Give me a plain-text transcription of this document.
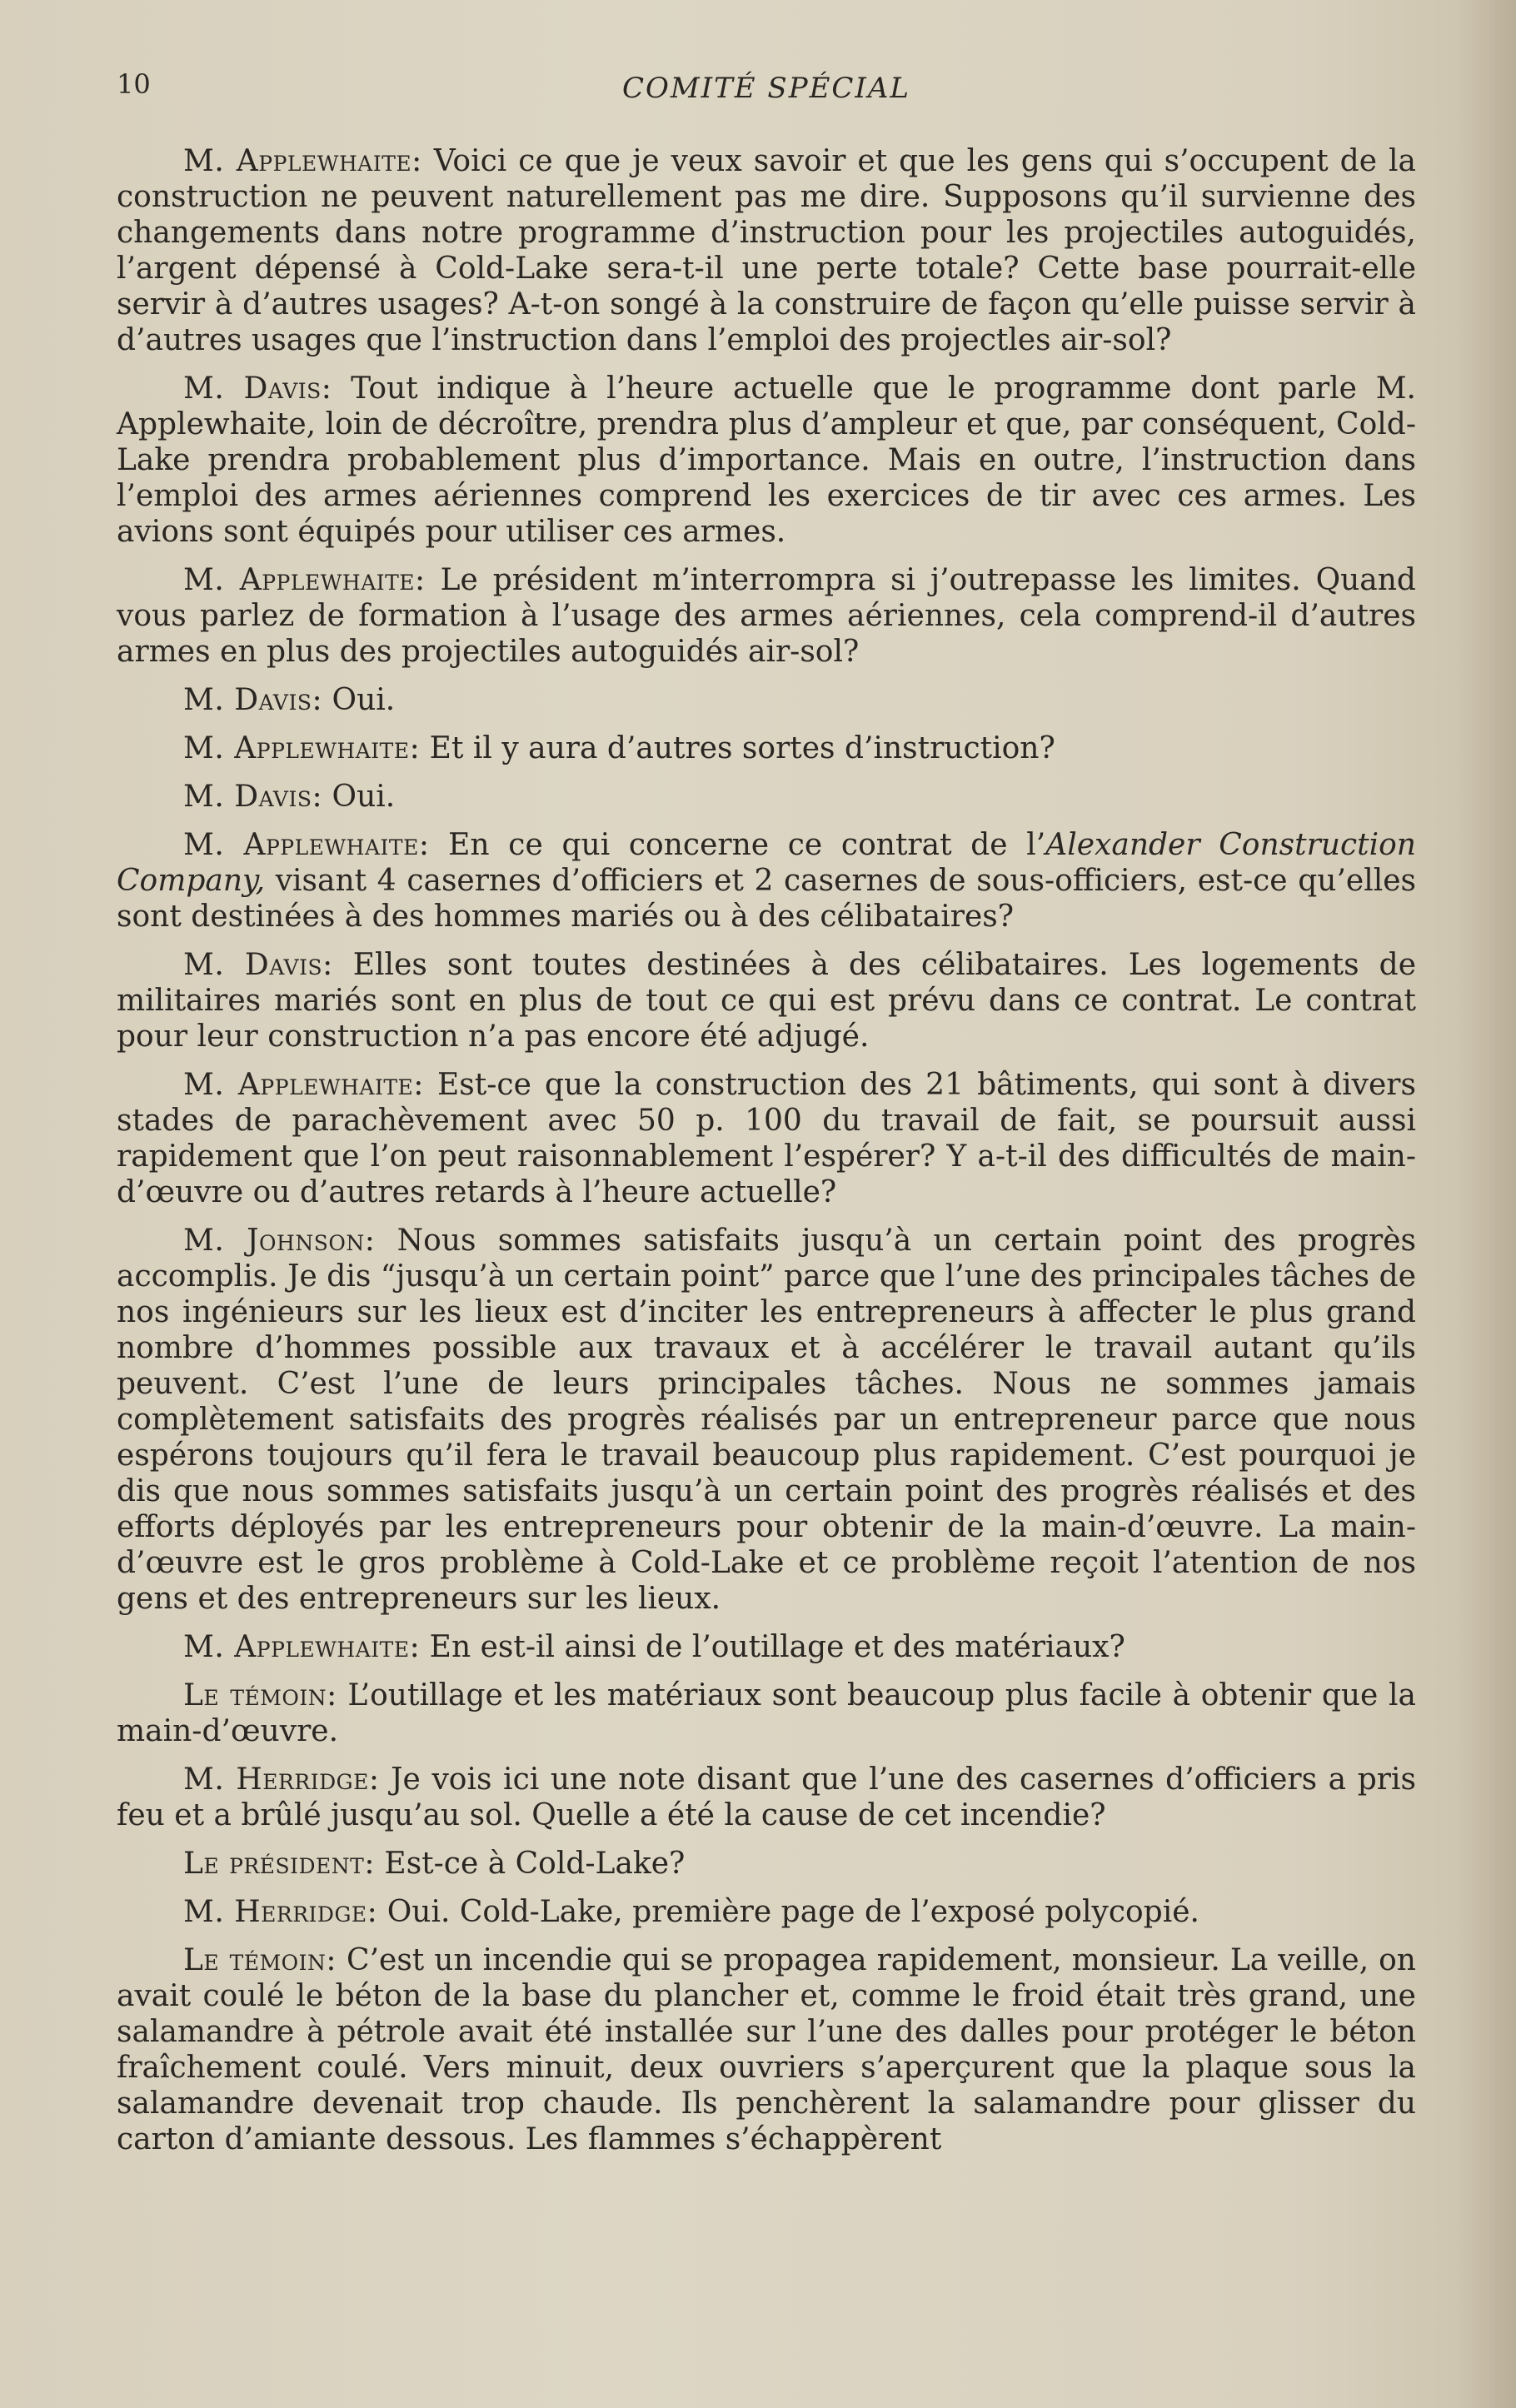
10	COMITÉ SPÉCIAL

M. Applewhaite: Voici ce que je veux savoir et que les gens qui s’occupent de la construction ne peuvent naturellement pas me dire. Supposons qu’il survienne des changements dans notre programme d’instruction pour les projectiles autoguidés, l’argent dépensé à Cold-Lake sera-t-il une perte totale? Cette base pourrait-elle servir à d’autres usages? A-t-on songé à la construire de façon qu’elle puisse servir à d’autres usages que l’instruction dans l’emploi des projectles air-sol?

M. Davis: Tout indique à l’heure actuelle que le programme dont parle M. Applewhaite, loin de décroître, prendra plus d’ampleur et que, par conséquent, Cold-Lake prendra probablement plus d’importance. Mais en outre, l’instruction dans l’emploi des armes aériennes comprend les exercices de tir avec ces armes. Les avions sont équipés pour utiliser ces armes.

M. Applewhaite: Le président m’interrompra si j’outrepasse les limites. Quand vous parlez de formation à l’usage des armes aériennes, cela comprend-il d’autres armes en plus des projectiles autoguidés air-sol?

M. Davis: Oui.

M. Applewhaite: Et il y aura d’autres sortes d’instruction?

M. Davis: Oui.

M. Applewhaite: En ce qui concerne ce contrat de l’Alexander Construction Company, visant 4 casernes d’officiers et 2 casernes de sous-officiers, est-ce qu’elles sont destinées à des hommes mariés ou à des célibataires?

M. Davis: Elles sont toutes destinées à des célibataires. Les logements de militaires mariés sont en plus de tout ce qui est prévu dans ce contrat. Le contrat pour leur construction n’a pas encore été adjugé.

M. Applewhaite: Est-ce que la construction des 21 bâtiments, qui sont à divers stades de parachèvement avec 50 p. 100 du travail de fait, se poursuit aussi rapidement que l’on peut raisonnablement l’espérer? Y a-t-il des difficultés de main-d’œuvre ou d’autres retards à l’heure actuelle?

M. Johnson: Nous sommes satisfaits jusqu’à un certain point des progrès accomplis. Je dis “jusqu’à un certain point” parce que l’une des principales tâches de nos ingénieurs sur les lieux est d’inciter les entrepreneurs à affecter le plus grand nombre d’hommes possible aux travaux et à accélérer le travail autant qu’ils peuvent. C’est l’une de leurs principales tâches. Nous ne sommes jamais complètement satisfaits des progrès réalisés par un entrepreneur parce que nous espérons toujours qu’il fera le travail beaucoup plus rapidement. C’est pourquoi je dis que nous sommes satisfaits jusqu’à un certain point des progrès réalisés et des efforts déployés par les entrepreneurs pour obtenir de la main-d’œuvre. La main-d’œuvre est le gros problème à Cold-Lake et ce problème reçoit l’atention de nos gens et des entrepreneurs sur les lieux.

M. Applewhaite: En est-il ainsi de l’outillage et des matériaux?

Le témoin: L’outillage et les matériaux sont beaucoup plus facile à obtenir que la main-d’œuvre.

M. Herridge: Je vois ici une note disant que l’une des casernes d’officiers a pris feu et a brûlé jusqu’au sol. Quelle a été la cause de cet incendie?

Le président: Est-ce à Cold-Lake?

M. Herridge: Oui. Cold-Lake, première page de l’exposé polycopié.

Le témoin: C’est un incendie qui se propagea rapidement, monsieur. La veille, on avait coulé le béton de la base du plancher et, comme le froid était très grand, une salamandre à pétrole avait été installée sur l’une des dalles pour protéger le béton fraîchement coulé. Vers minuit, deux ouvriers s’aperçurent que la plaque sous la salamandre devenait trop chaude. Ils penchèrent la salamandre pour glisser du carton d’amiante dessous. Les flammes s’échappèrent
